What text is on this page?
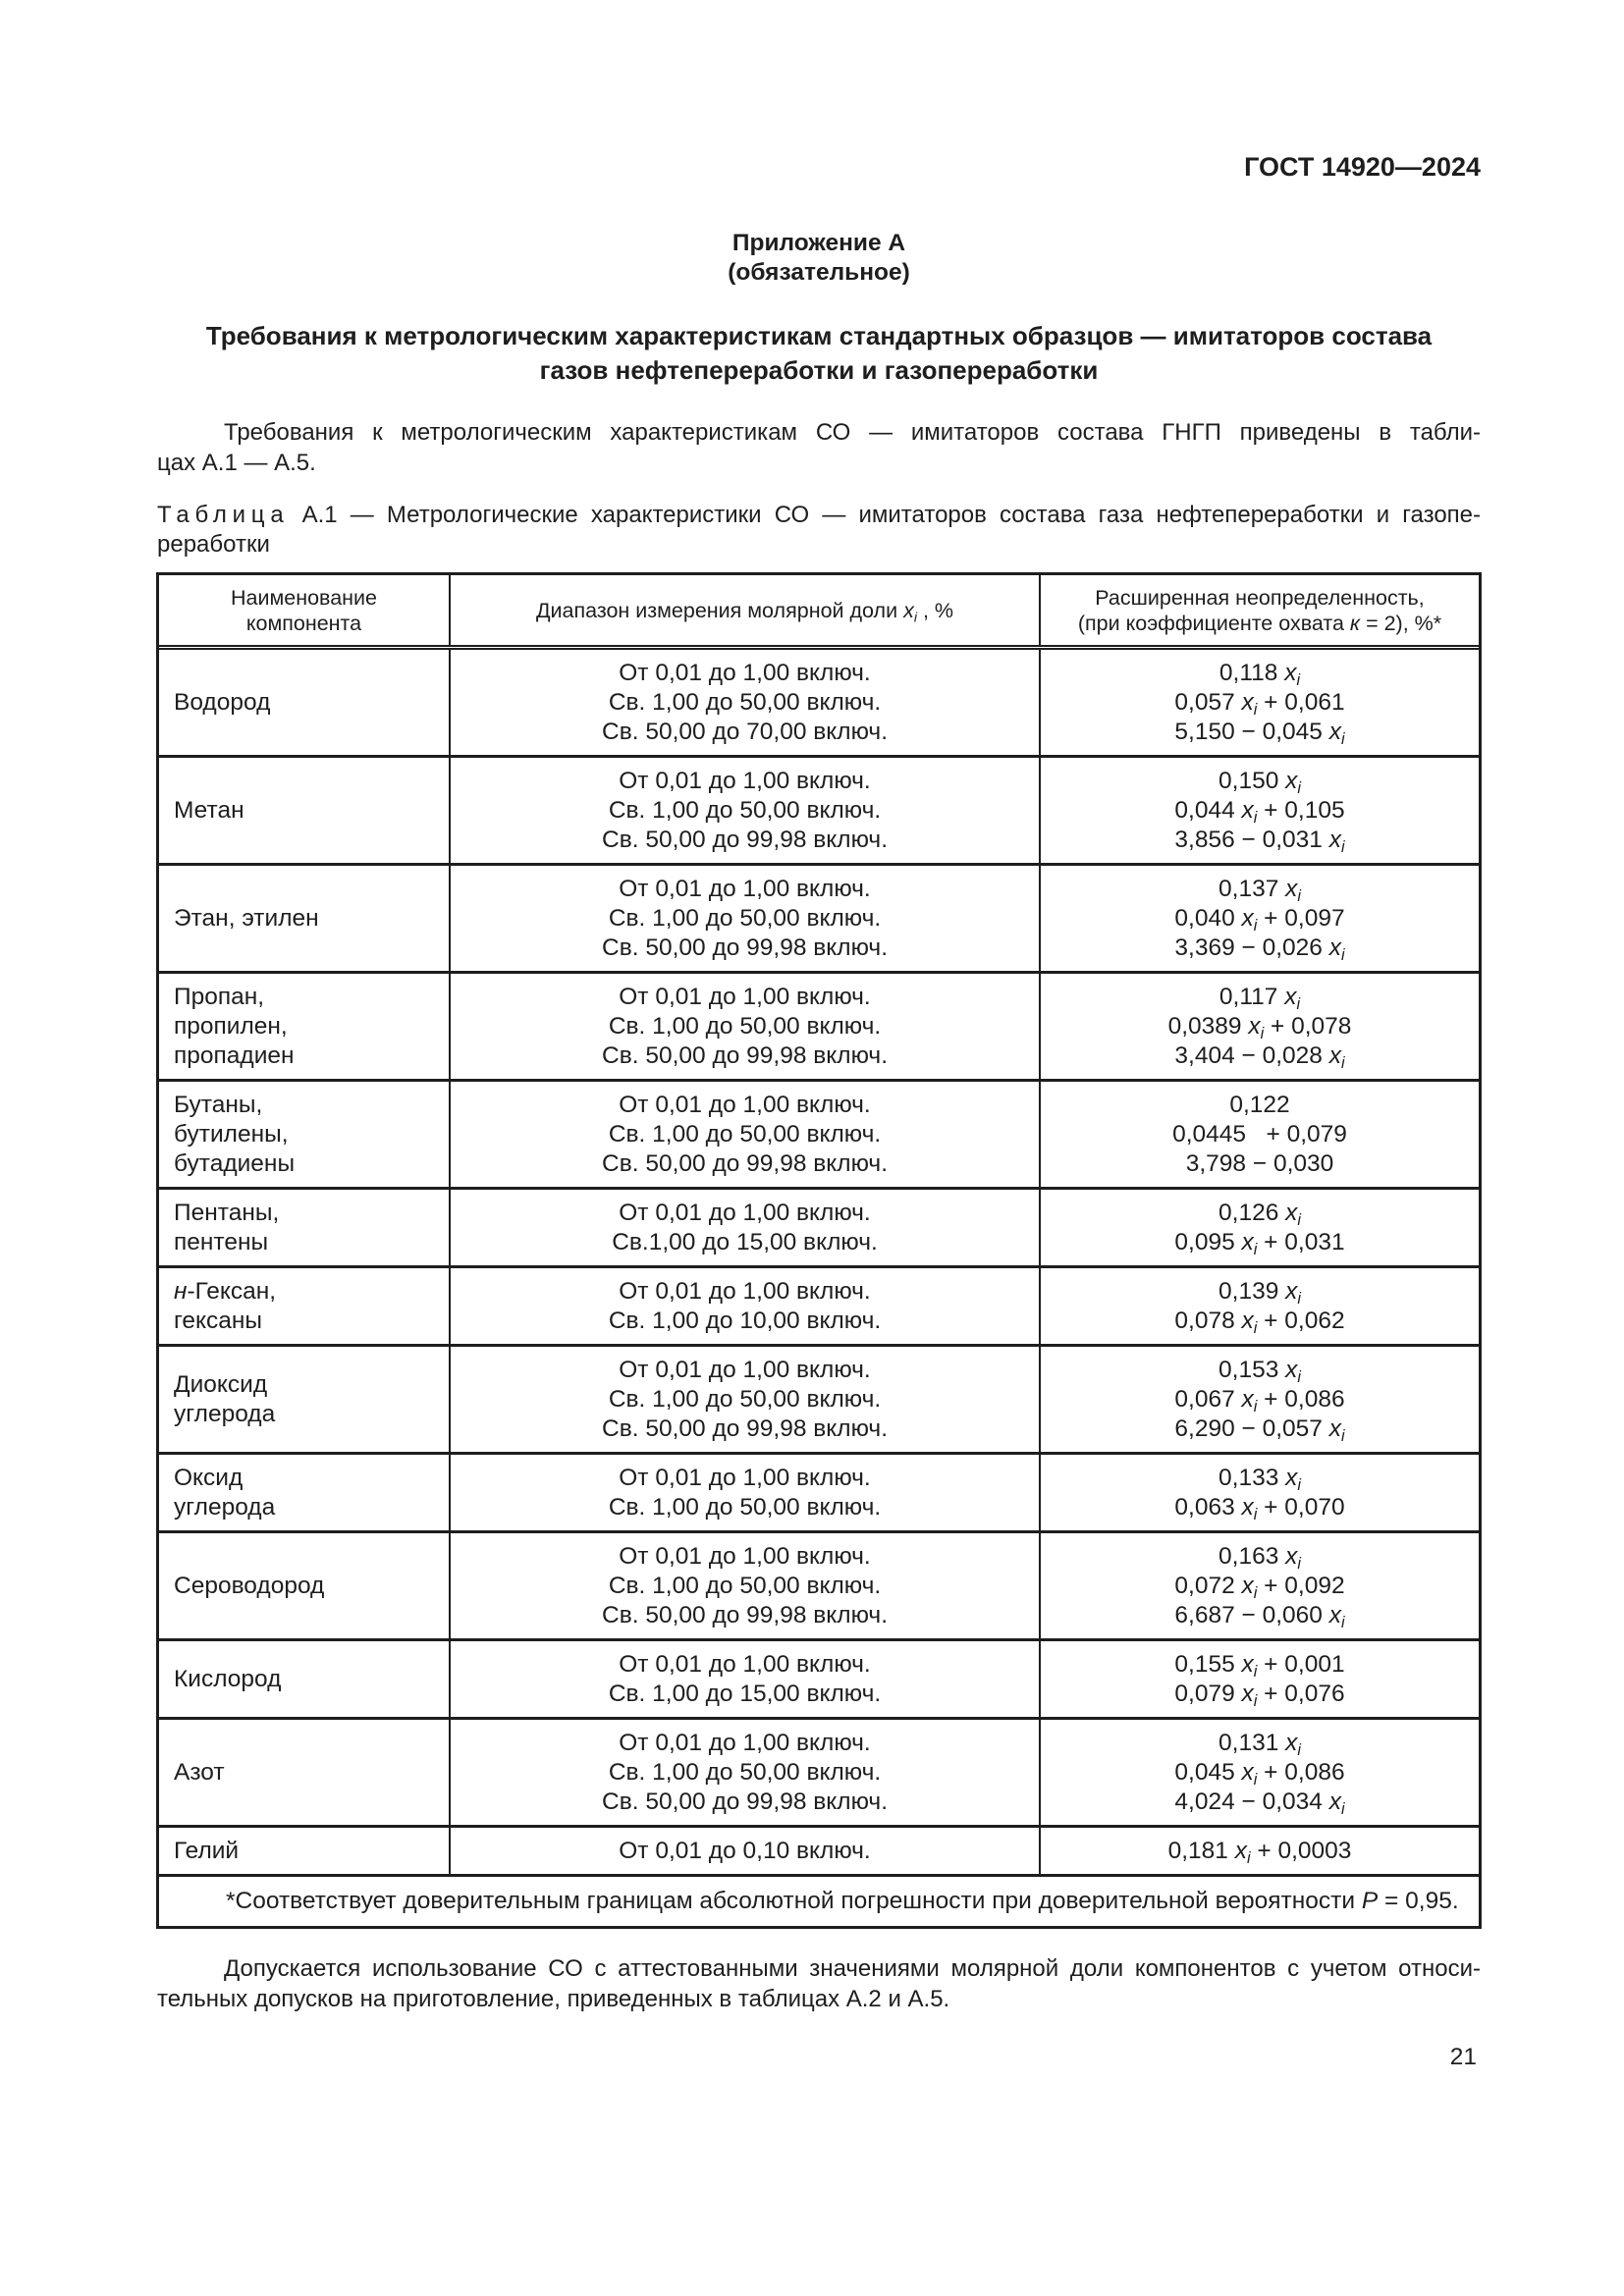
ГОСТ 14920—2024
Приложение А
(обязательное)
Требования к метрологическим характеристикам стандартных образцов — имитаторов состава
газов нефтепереработки и газопереработки
Требования к метрологическим характеристикам СО — имитаторов состава ГНГП приведены в табли-
цах А.1 — А.5.
Таблица А.1 — Метрологические характеристики СО — имитаторов состава газа нефтепереработки и газопе-
реработки
Наименование
компонента
Диапазон измерения молярной доли $x_i$ , %
Расширенная неопределенность,
(при коэффициенте охвата к = 2), %*
Водород
От 0,01 до 1,00 включ.
Св. 1,00 до 50,00 включ.
Св. 50,00 до 70,00 включ.
0,118 $x_i$
0,057 $x_i + 0,061$
5,150 − 0,045 $x_i$
Метан
От 0,01 до 1,00 включ.
Св. 1,00 до 50,00 включ.
Св. 50,00 до 99,98 включ.
0,150 $x_i$
0,044 $x_i + 0,105$
3,856 − 0,031 $x_i$
Этан, этилен
От 0,01 до 1,00 включ.
Св. 1,00 до 50,00 включ.
Св. 50,00 до 99,98 включ.
0,137 $x_i$
0,040 $x_i + 0,097$
3,369 − 0,026 $x_i$
Пропан,
пропилен,
пропадиен
От 0,01 до 1,00 включ.
Св. 1,00 до 50,00 включ.
Св. 50,00 до 99,98 включ.
0,117 $x_i$
0,0389 $x_i + 0,078$
3,404 − 0,028 $x_i$
Бутаны,
бутилены,
бутадиены
От 0,01 до 1,00 включ.
Св. 1,00 до 50,00 включ.
Св. 50,00 до 99,98 включ.
0,122
0,0445   + 0,079
3,798 − 0,030
Пентаны,
пентены
От 0,01 до 1,00 включ.
Св.1,00 до 15,00 включ.
0,126 $x_i$
0,095 $x_i + 0,031$
н-Гексан,
гексаны
От 0,01 до 1,00 включ.
Св. 1,00 до 10,00 включ.
0,139 $x_i$
0,078 $x_i + 0,062$
Диоксид
углерода
От 0,01 до 1,00 включ.
Св. 1,00 до 50,00 включ.
Св. 50,00 до 99,98 включ.
0,153 $x_i$
0,067 $x_i + 0,086$
6,290 − 0,057 $x_i$
Оксид
углерода
От 0,01 до 1,00 включ.
Св. 1,00 до 50,00 включ.
0,133 $x_i$
0,063 $x_i + 0,070$
Сероводород
От 0,01 до 1,00 включ.
Св. 1,00 до 50,00 включ.
Св. 50,00 до 99,98 включ.
0,163 $x_i$
0,072 $x_i + 0,092$
6,687 − 0,060 $x_i$
Кислород
От 0,01 до 1,00 включ.
Св. 1,00 до 15,00 включ.
0,155 $x_i + 0,001$
0,079 $x_i + 0,076$
Азот
От 0,01 до 1,00 включ.
Св. 1,00 до 50,00 включ.
Св. 50,00 до 99,98 включ.
0,131 $x_i$
0,045 $x_i + 0,086$
4,024 − 0,034 $x_i$
Гелий	От 0,01 до 0,10 включ.	0,181 $x_i + 0,0003$
*Соответствует доверительным границам абсолютной погрешности при доверительной вероятности
P
= 0,95.
Допускается использование СО с аттестованными значениями молярной доли компонентов с учетом относи-
тельных допусков на приготовление, приведенных в таблицах А.2 и А.5.
21
